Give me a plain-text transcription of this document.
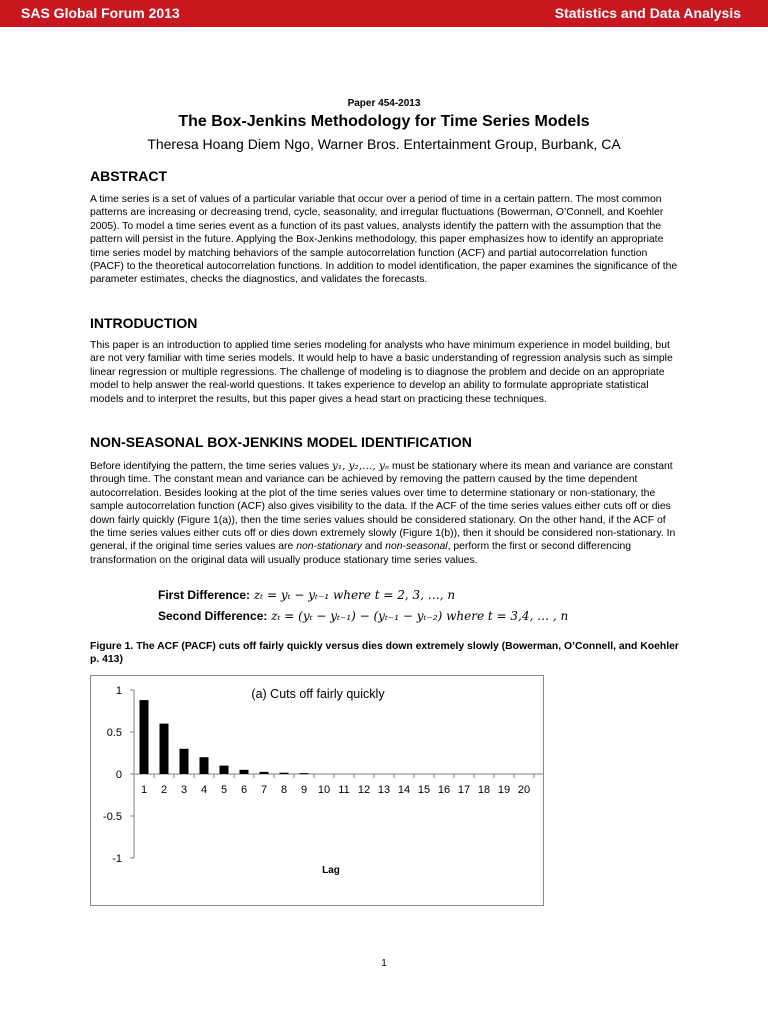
SAS Global Forum 2013	Statistics and Data Analysis
Paper 454-2013
The Box-Jenkins Methodology for Time Series Models
Theresa Hoang Diem Ngo, Warner Bros. Entertainment Group, Burbank, CA
ABSTRACT

A time series is a set of values of a particular variable that occur over a period of time in a certain pattern. The most common patterns are increasing or decreasing trend, cycle, seasonality, and irregular fluctuations (Bowerman, O’Connell, and Koehler 2005). To model a time series event as a function of its past values, analysts identify the pattern with the assumption that the pattern will persist in the future. Applying the Box-Jenkins methodology, this paper emphasizes how to identify an appropriate time series model by matching behaviors of the sample autocorrelation function (ACF) and partial autocorrelation function (PACF) to the theoretical autocorrelation functions. In addition to model identification, the paper examines the significance of the parameter estimates, checks the diagnostics, and validates the forecasts.

INTRODUCTION

This paper is an introduction to applied time series modeling for analysts who have minimum experience in model building, but are not very familiar with time series models. It would help to have a basic understanding of regression analysis such as simple linear regression or multiple regressions. The challenge of modeling is to diagnose the problem and decide on an appropriate model to help answer the real-world questions. It takes experience to develop an ability to formulate appropriate statistical models and to interpret the results, but this paper gives a head start on practicing these techniques.

NON-SEASONAL BOX-JENKINS MODEL IDENTIFICATION

Before identifying the pattern, the time series values y₁, y₂,…, yₙ must be stationary where its mean and variance are constant through time. The constant mean and variance can be achieved by removing the pattern caused by the time dependent autocorrelation. Besides looking at the plot of the time series values over time to determine stationary or non-stationary, the sample autocorrelation function (ACF) also gives visibility to the data. If the ACF of the time series values either cuts off or dies down fairly quickly (Figure 1(a)), then the time series values should be considered stationary. On the other hand, if the ACF of the time series values either cuts off or dies down extremely slowly (Figure 1(b)), then it should be considered non-stationary. In general, if the original time series values are non-stationary and non-seasonal, perform the first or second differencing transformation on the original data will usually produce stationary time series values.

First Difference: zₜ = yₜ − yₜ₋₁ where t = 2, 3, …, n
Second Difference: zₜ = (yₜ − yₜ₋₁) − (yₜ₋₁ − yₜ₋₂) where t = 3,4, … , n
Figure 1. The ACF (PACF) cuts off fairly quickly versus dies down extremely slowly (Bowerman, O’Connell, and Koehler p. 413)
(a) Cuts off fairly quickly
Lag
1
0.5
0
-0.5
-1
1 2 3 4 5 6 7 8 9 10 11 12 13 14 15 16 17 18 19 20
1
